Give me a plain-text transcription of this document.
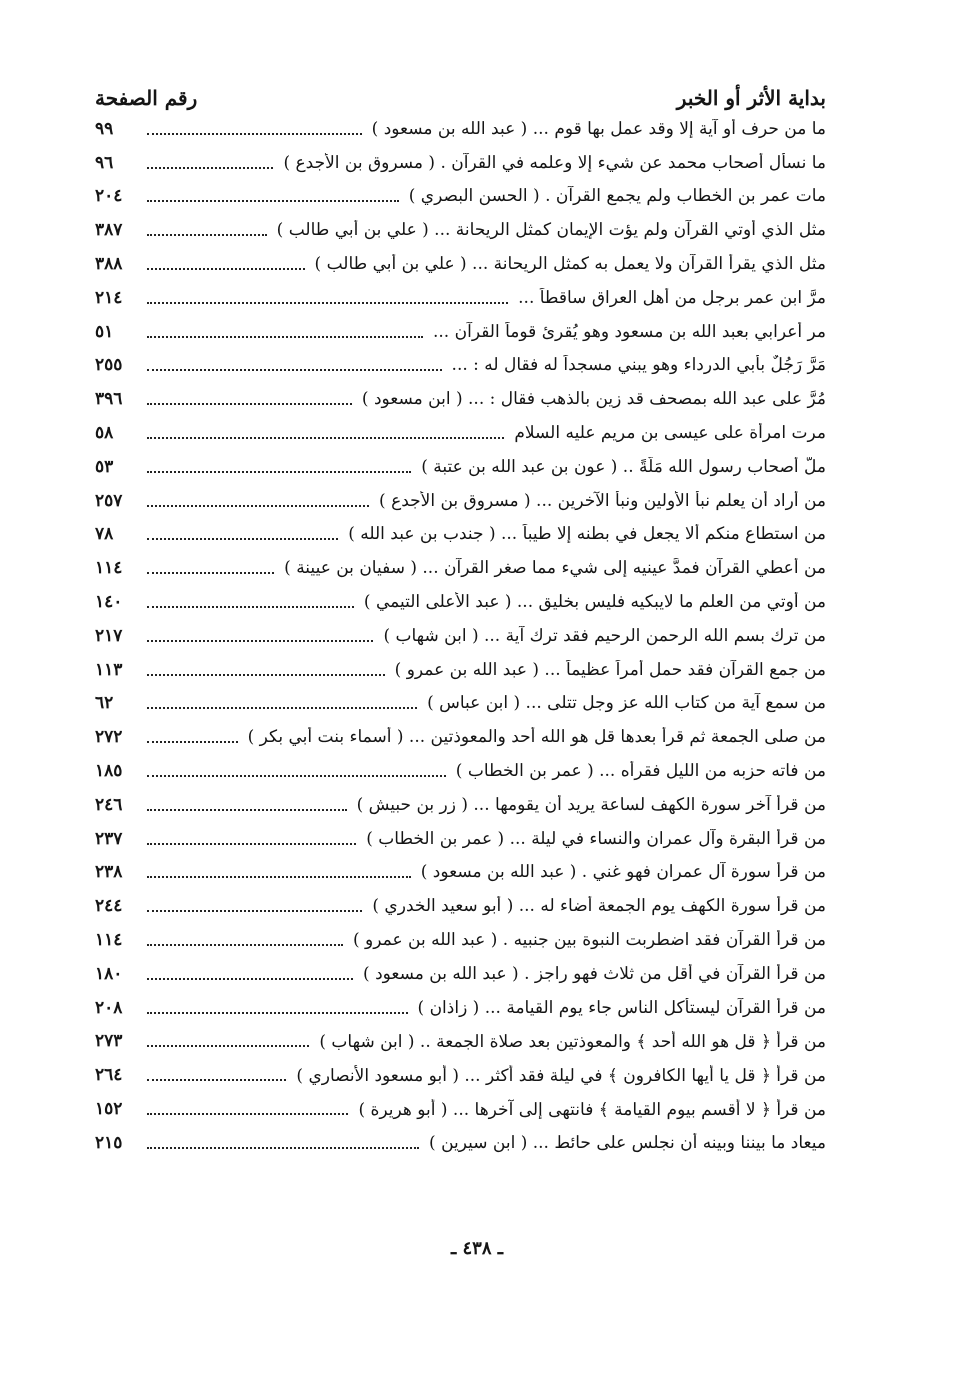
بداية الأثر أو الخبر
رقم الصفحة
ما من حرف أو آية إلا وقد عمل بها قوم ... ( عبد الله بن مسعود )
٩٩
ما نسأل أصحاب محمد عن شيء إلا وعلمه في القرآن . ( مسروق بن الأجدع )
٩٦
مات عمر بن الخطاب ولم يجمع القرآن . ( الحسن البصري )
٢٠٤
مثل الذي أوتي القرآن ولم يؤت الإيمان كمثل الريحانة ... ( علي بن أبي طالب )
٣٨٧
مثل الذي يقرأ القرآن ولا يعمل به كمثل الريحانة ... ( علي بن أبي طالب )
٣٨٨
مرَّ ابن عمر برجل من أهل العراق ساقطاً ...
٢١٤
مر أعرابي بعبد الله بن مسعود وهو يُقرئ قوماً القرآن ...
٥١
مَرَّ رَجُلٌ بأبي الدرداء وهو يبني مسجداً له فقال له : ...
٢٥٥
مُرَّ على عبد الله بمصحف قد زين بالذهب فقال : ... ( ابن مسعود )
٣٩٦
مرت امرأة على عيسى بن مريم عليه السلام
٥٨
ملَّ أصحاب رسول الله مَلَّةً .. ( عون بن عبد الله بن عتبة )
٥٣
من أراد أن يعلم نبأ الأولين ونبأ الآخرين ... ( مسروق بن الأجدع )
٢٥٧
من استطاع منكم ألا يجعل في بطنه إلا طيباً ... ( جندب بن عبد الله )
٧٨
من أعطي القرآن فمدَّ عينيه إلى شيء مما صغر القرآن ... ( سفيان بن عيينة )
١١٤
من أوتي من العلم ما لايبكيه فليس بخليق ... ( عبد الأعلى التيمي )
١٤٠
من ترك بسم الله الرحمن الرحيم فقد ترك آية ... ( ابن شهاب )
٢١٧
من جمع القرآن فقد حمل أمراً عظيماً ... ( عبد الله بن عمرو )
١١٣
من سمع آية من كتاب الله عز وجل تتلى ... ( ابن عباس )
٦٢
من صلى الجمعة ثم قرأ بعدها قل هو الله أحد والمعوذتين ... ( أسماء بنت أبي بكر )
٢٧٢
من فاته حزبه من الليل فقرأه ... ( عمر بن الخطاب )
١٨٥
من قرأ آخر سورة الكهف لساعة يريد أن يقومها ... ( زر بن حبيش )
٢٤٦
من قرأ البقرة وآل عمران والنساء في ليلة ... ( عمر بن الخطاب )
٢٣٧
من قرأ سورة آل عمران فهو غني . ( عبد الله بن مسعود )
٢٣٨
من قرأ سورة الكهف يوم الجمعة أضاء له ... ( أبو سعيد الخدري )
٢٤٤
من قرأ القرآن فقد اضطربت النبوة بين جنبيه . ( عبد الله بن عمرو )
١١٤
من قرأ القرآن في أقل من ثلاث فهو راجز . ( عبد الله بن مسعود )
١٨٠
من قرأ القرآن ليستأكل الناس جاء يوم القيامة ... ( زاذان )
٢٠٨
من قرأ ﴿ قل هو الله أحد ﴾ والمعوذتين بعد صلاة الجمعة .. ( ابن شهاب )
٢٧٣
من قرأ ﴿ قل يا أيها الكافرون ﴾ في ليلة فقد أكثر ... ( أبو مسعود الأنصاري )
٢٦٤
من قرأ ﴿ لا أقسم بيوم القيامة ﴾ فانتهى إلى آخرها ... ( أبو هريرة )
١٥٢
ميعاد ما بيننا وبينه أن نجلس على حائط ... ( ابن سيرين )
٢١٥
ـ ٤٣٨ ـ
